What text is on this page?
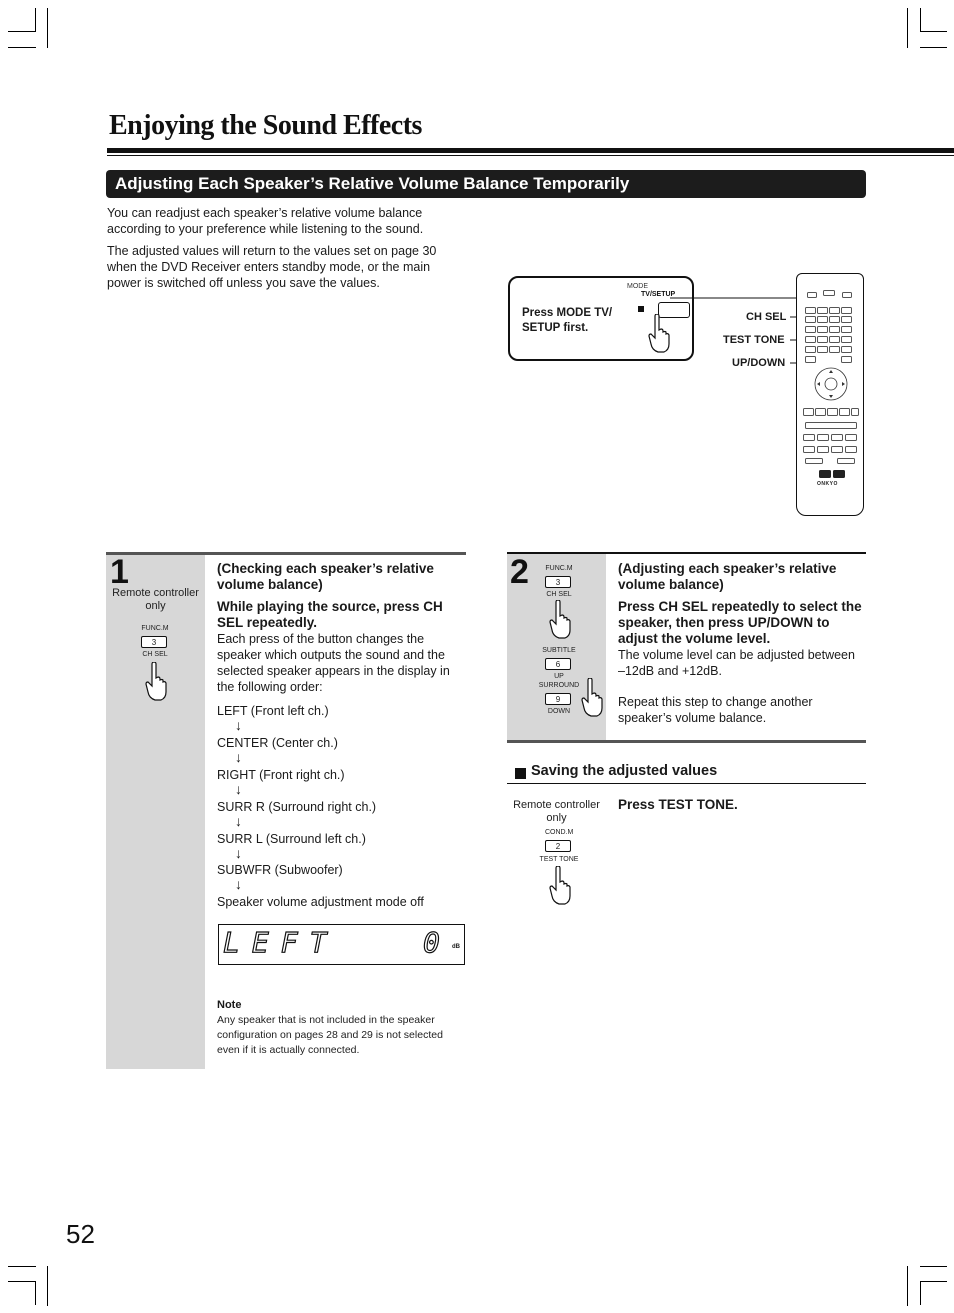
Enjoying the Sound Effects
Adjusting Each Speaker’s Relative Volume Balance Temporarily
You can readjust each speaker’s relative volume balance according to your preference while listening to the sound.
The adjusted values will return to the values set on page 30 when the DVD Receiver enters standby mode, or the main power is switched off unless you save the values.
Press MODE TV/ SETUP first.
MODE
TV/SETUP
CH SEL
TEST TONE
UP/DOWN
ONKYO
1
Remote controller only
FUNC.M
3
CH SEL
(Checking each speaker’s relative volume balance)
While playing the source, press CH SEL repeatedly.
Each press of the button changes the speaker which outputs the sound and the selected speaker appears in the display in the following order:
LEFT (Front left ch.)
↓
CENTER (Center ch.)
↓
RIGHT (Front right ch.)
↓
SURR R (Surround right ch.)
↓
SURR L (Surround left ch.)
↓
SUBWFR (Subwoofer)
↓
Speaker volume adjustment mode off
LEFT	0 dB
Note
Any speaker that is not included in the speaker configuration on pages 28 and 29 is not selected even if it is actually connected.
2 FUNC.M
3
CH SEL
SUBTITLE
6
UP
SURROUND
9
DOWN
(Adjusting each speaker’s relative volume balance)
Press CH SEL repeatedly to select the speaker, then press UP/DOWN to adjust the volume level.
The volume level can be adjusted between –12dB and +12dB.
Repeat this step to change another speaker’s volume balance.
Saving the adjusted values
Remote controller only
COND.M
2
TEST TONE
Press TEST TONE.
52
